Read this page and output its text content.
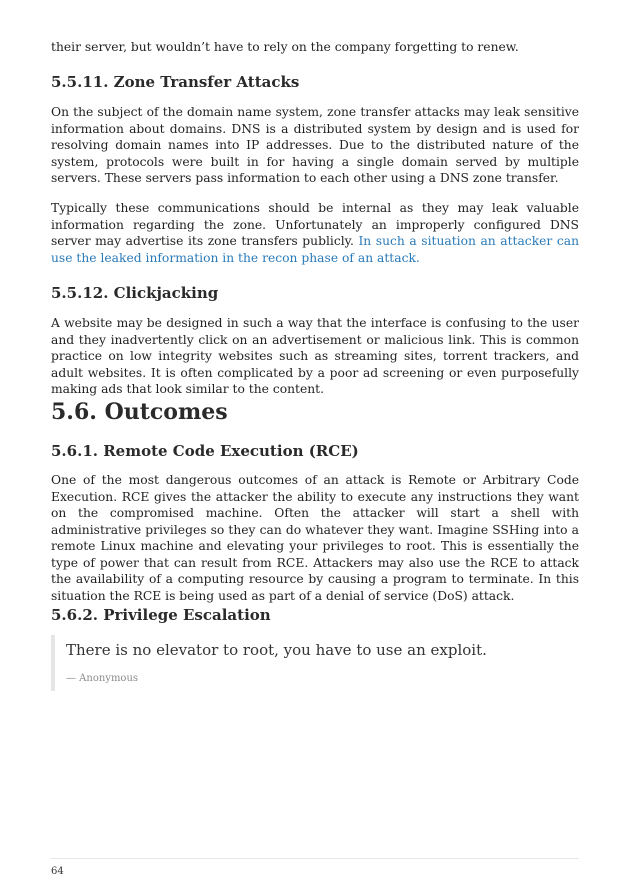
their server, but wouldn’t have to rely on the company forgetting to renew.

5.5.11. Zone Transfer Attacks

On the subject of the domain name system, zone transfer attacks may leak sensitive information about domains. DNS is a distributed system by design and is used for resolving domain names into IP addresses. Due to the distributed nature of the system, protocols were built in for having a single domain served by multiple servers. These servers pass information to each other using a DNS zone transfer.

Typically these communications should be internal as they may leak valuable information regarding the zone. Unfortunately an improperly configured DNS server may advertise its zone transfers publicly. In such a situation an attacker can use the leaked information in the recon phase of an attack.

5.5.12. Clickjacking

A website may be designed in such a way that the interface is confusing to the user and they inadvertently click on an advertisement or malicious link. This is common practice on low integrity websites such as streaming sites, torrent trackers, and adult websites. It is often complicated by a poor ad screening or even purposefully making ads that look similar to the content.

5.6. Outcomes
5.6.1. Remote Code Execution (RCE)

One of the most dangerous outcomes of an attack is Remote or Arbitrary Code Execution. RCE gives the attacker the ability to execute any instructions they want on the compromised machine. Often the attacker will start a shell with administrative privileges so they can do whatever they want. Imagine SSHing into a remote Linux machine and elevating your privileges to root. This is essentially the type of power that can result from RCE. Attackers may also use the RCE to attack the availability of a computing resource by causing a program to terminate. In this situation the RCE is being used as part of a denial of service (DoS) attack.

5.6.2. Privilege Escalation
There is no elevator to root, you have to use an exploit.
— Anonymous
64
